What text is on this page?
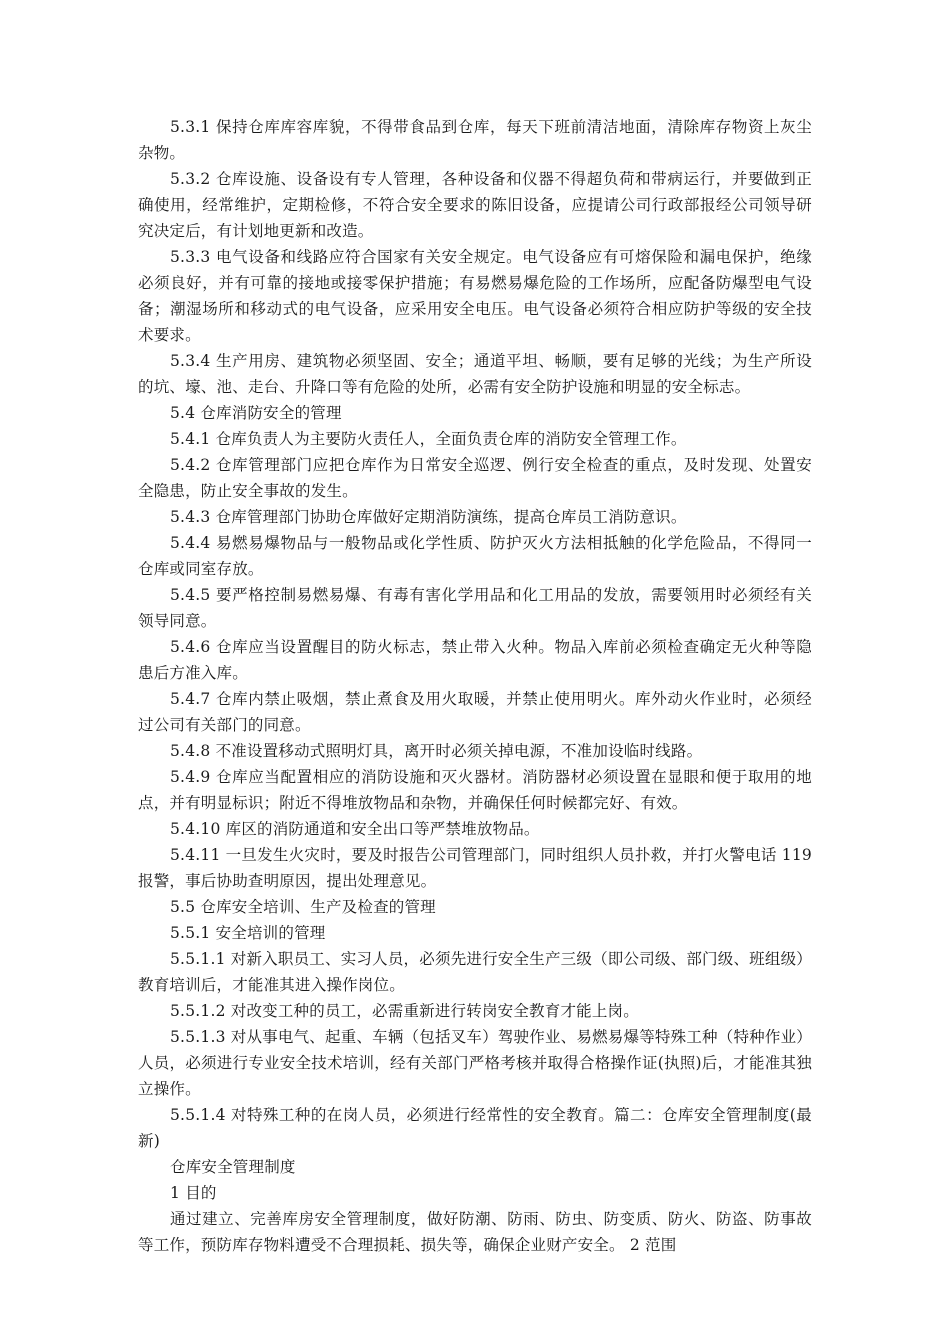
5.3.1 保持仓库库容库貌，不得带食品到仓库，每天下班前清洁地面，清除库存物资上灰尘杂物。

5.3.2 仓库设施、设备设有专人管理，各种设备和仪器不得超负荷和带病运行，并要做到正确使用，经常维护，定期检修，不符合安全要求的陈旧设备，应提请公司行政部报经公司领导研究决定后，有计划地更新和改造。

5.3.3 电气设备和线路应符合国家有关安全规定。电气设备应有可熔保险和漏电保护，绝缘必须良好，并有可靠的接地或接零保护措施；有易燃易爆危险的工作场所，应配备防爆型电气设备；潮湿场所和移动式的电气设备，应采用安全电压。电气设备必须符合相应防护等级的安全技术要求。

5.3.4 生产用房、建筑物必须坚固、安全；通道平坦、畅顺，要有足够的光线；为生产所设的坑、壕、池、走台、升降口等有危险的处所，必需有安全防护设施和明显的安全标志。

5.4 仓库消防安全的管理

5.4.1 仓库负责人为主要防火责任人，全面负责仓库的消防安全管理工作。

5.4.2 仓库管理部门应把仓库作为日常安全巡逻、例行安全检查的重点，及时发现、处置安全隐患，防止安全事故的发生。

5.4.3 仓库管理部门协助仓库做好定期消防演练，提高仓库员工消防意识。

5.4.4 易燃易爆物品与一般物品或化学性质、防护灭火方法相抵触的化学危险品，不得同一仓库或同室存放。

5.4.5 要严格控制易燃易爆、有毒有害化学用品和化工用品的发放，需要领用时必须经有关领导同意。

5.4.6 仓库应当设置醒目的防火标志，禁止带入火种。物品入库前必须检查确定无火种等隐患后方准入库。

5.4.7 仓库内禁止吸烟，禁止煮食及用火取暖，并禁止使用明火。库外动火作业时，必须经过公司有关部门的同意。

5.4.8 不准设置移动式照明灯具，离开时必须关掉电源，不准加设临时线路。

5.4.9 仓库应当配置相应的消防设施和灭火器材。消防器材必须设置在显眼和便于取用的地点，并有明显标识；附近不得堆放物品和杂物，并确保任何时候都完好、有效。

5.4.10 库区的消防通道和安全出口等严禁堆放物品。

5.4.11 一旦发生火灾时，要及时报告公司管理部门，同时组织人员扑救，并打火警电话 119 报警，事后协助查明原因，提出处理意见。

5.5 仓库安全培训、生产及检查的管理

5.5.1 安全培训的管理

5.5.1.1 对新入职员工、实习人员，必须先进行安全生产三级（即公司级、部门级、班组级）教育培训后，才能准其进入操作岗位。

5.5.1.2 对改变工种的员工，必需重新进行转岗安全教育才能上岗。

5.5.1.3 对从事电气、起重、车辆（包括叉车）驾驶作业、易燃易爆等特殊工种（特种作业）人员，必须进行专业安全技术培训，经有关部门严格考核并取得合格操作证(执照)后，才能准其独立操作。

5.5.1.4 对特殊工种的在岗人员，必须进行经常性的安全教育。篇二：仓库安全管理制度(最新)

仓库安全管理制度

1 目的

通过建立、完善库房安全管理制度，做好防潮、防雨、防虫、防变质、防火、防盗、防事故等工作，预防库存物料遭受不合理损耗、损失等，确保企业财产安全。 2 范围
